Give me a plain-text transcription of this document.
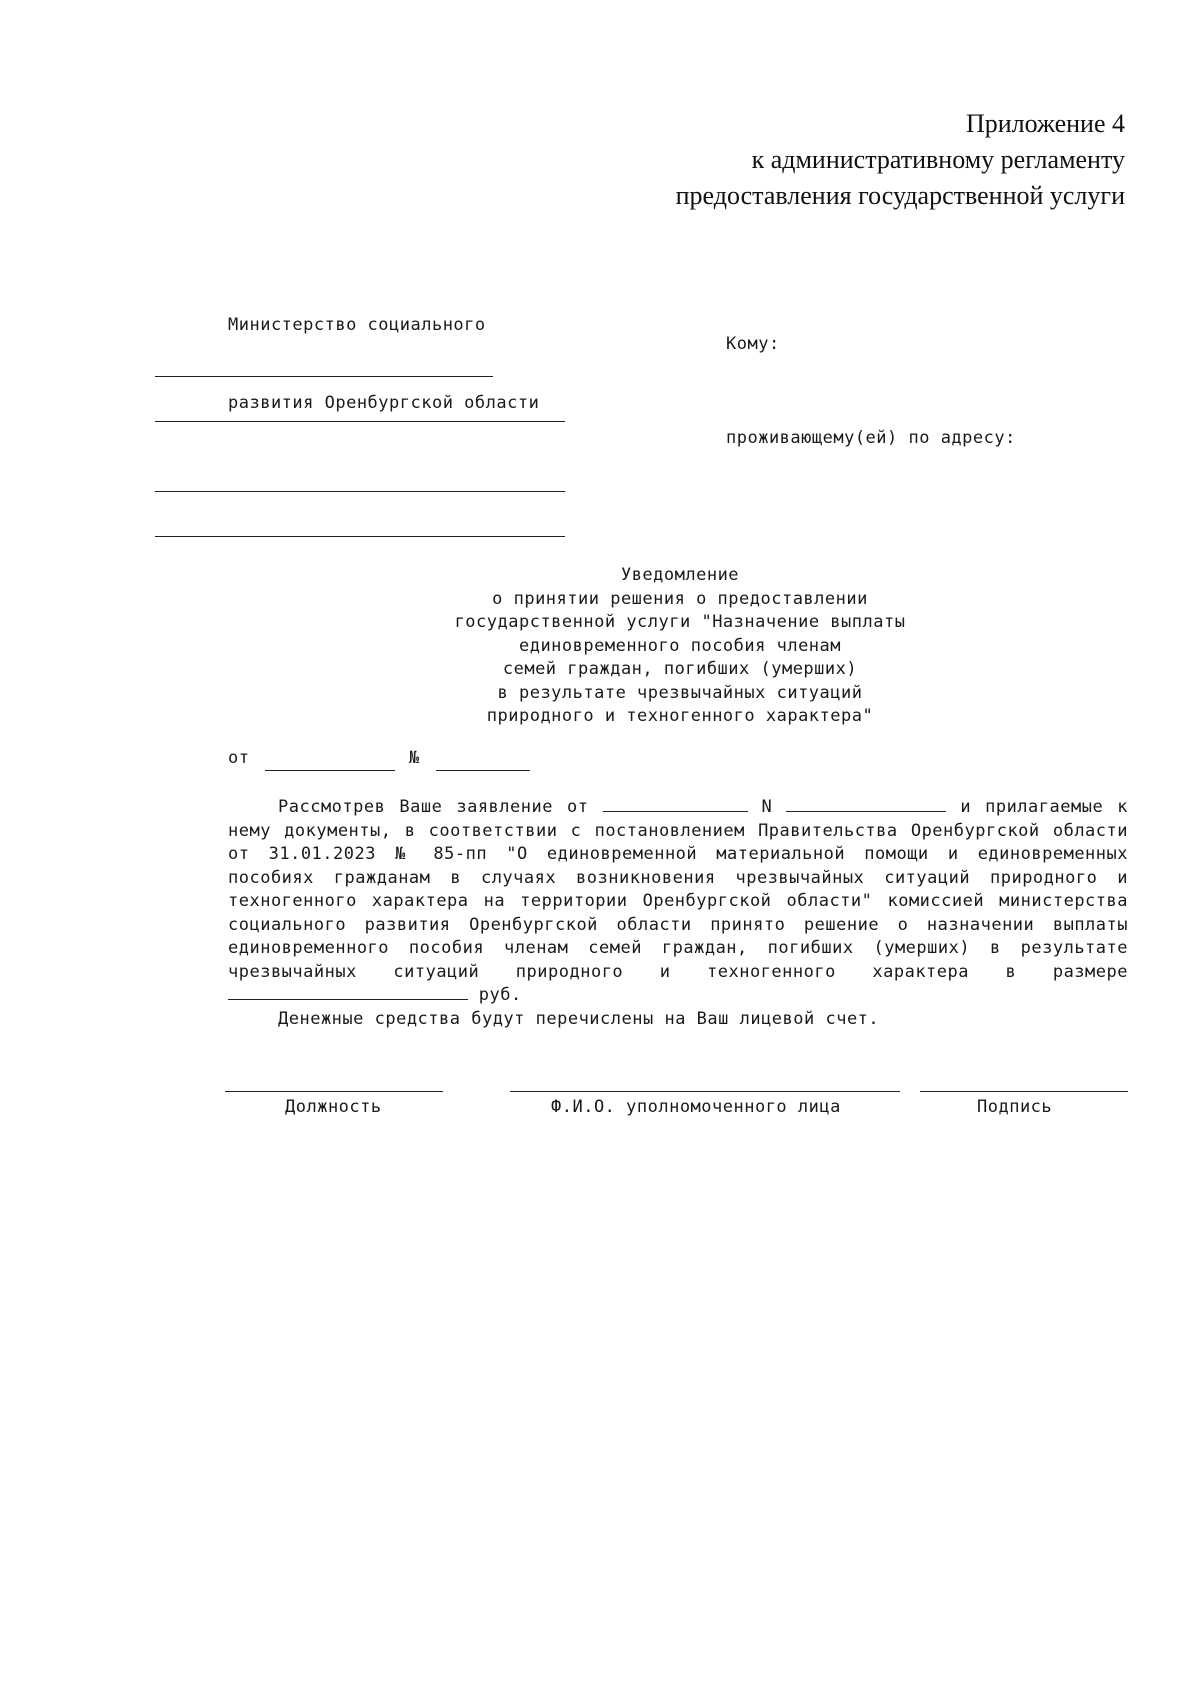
Приложение 4
к административному регламенту
предоставления государственной услуги

Министерство социального

развития Оренбургской области

Кому:
проживающему(ей) по адресу:
Уведомление
о принятии решения о предоставлении
государственной услуги "Назначение выплаты
единовременного пособия членам
семей граждан, погибших (умерших)
в результате чрезвычайных ситуаций
природного и техногенного характера"
от	№

Рассмотрев Ваше заявление от	N	и прилагаемые к нему документы, в соответствии с постановлением Правительства Оренбургской области от 31.01.2023 № 85-пп "О единовременной материальной помощи и единовременных пособиях гражданам в случаях возникновения чрезвычайных ситуаций природного и техногенного характера на территории Оренбургской области" комиссией министерства социального развития Оренбургской области принято решение о назначении выплаты единовременного пособия членам семей граждан, погибших (умерших) в результате чрезвычайных ситуаций природного и техногенного характера в размере  руб.

Денежные средства будут перечислены на Ваш лицевой счет.

Должность	Ф.И.О. уполномоченного лица	Подпись
